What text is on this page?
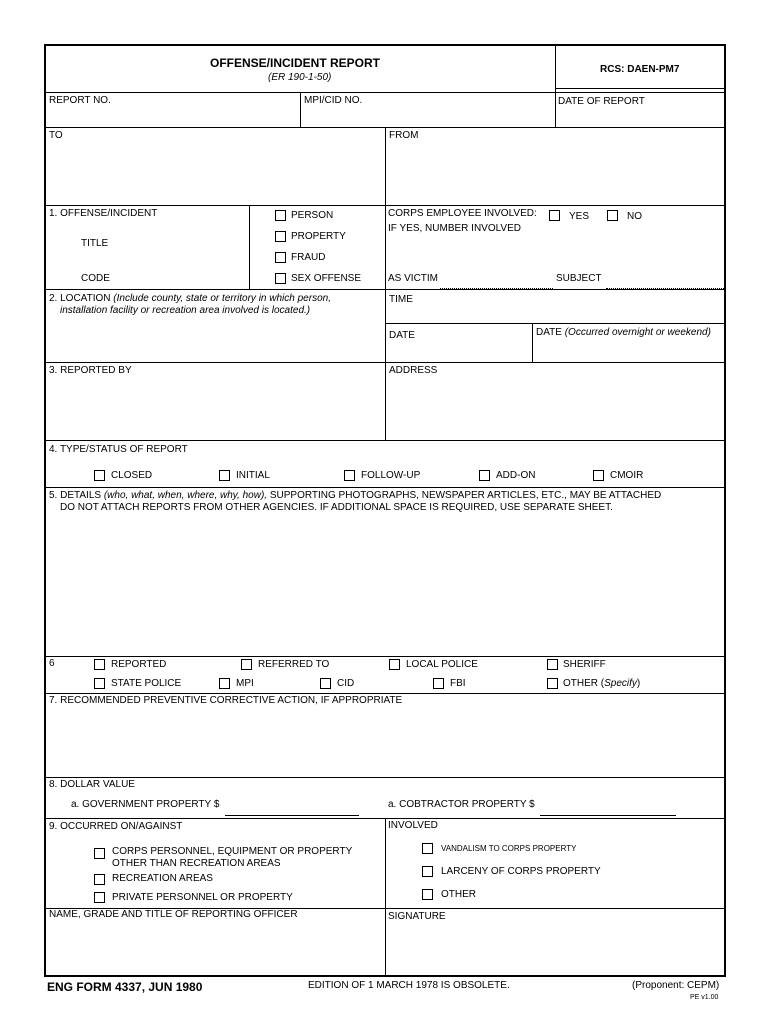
OFFENSE/INCIDENT REPORT
(ER 190-1-50)
RCS: DAEN-PM7
REPORT NO.	MPI/CID NO.	DATE OF REPORT
TO	FROM
1. OFFENSE/INCIDENT
TITLE
CODE
PERSON
PROPERTY
FRAUD
SEX OFFENSE
CORPS EMPLOYEE INVOLVED:	YES	NO
IF YES, NUMBER INVOLVED
AS VICTIM	SUBJECT
2. LOCATION (Include county, state or territory in which person,
installation facility or recreation area involved is located.)
TIME
DATE	DATE (Occurred overnight or weekend)
3. REPORTED BY	ADDRESS
4. TYPE/STATUS OF REPORT
CLOSED	INITIAL	FOLLOW-UP	ADD-ON	CMOIR
5. DETAILS (who, what, when, where, why, how), SUPPORTING PHOTOGRAPHS, NEWSPAPER ARTICLES, ETC., MAY BE ATTACHED
DO NOT ATTACH REPORTS FROM OTHER AGENCIES. IF ADDITIONAL SPACE IS REQUIRED, USE SEPARATE SHEET.
6	REPORTED	REFERRED TO	LOCAL POLICE	SHERIFF
STATE POLICE	MPI	CID	FBI	OTHER (Specify)
7. RECOMMENDED PREVENTIVE CORRECTIVE ACTION, IF APPROPRIATE
8. DOLLAR VALUE
a. GOVERNMENT PROPERTY $	a. COBTRACTOR PROPERTY $
9. OCCURRED ON/AGAINST
CORPS PERSONNEL, EQUIPMENT OR PROPERTY
OTHER THAN RECREATION AREAS
RECREATION AREAS
PRIVATE PERSONNEL OR PROPERTY
INVOLVED
VANDALISM TO CORPS PROPERTY
LARCENY OF CORPS PROPERTY
OTHER
NAME, GRADE AND TITLE OF REPORTING OFFICER	SIGNATURE
ENG FORM 4337, JUN 1980	EDITION OF 1 MARCH 1978 IS OBSOLETE.	(Proponent: CEPM)
PE v1.00
